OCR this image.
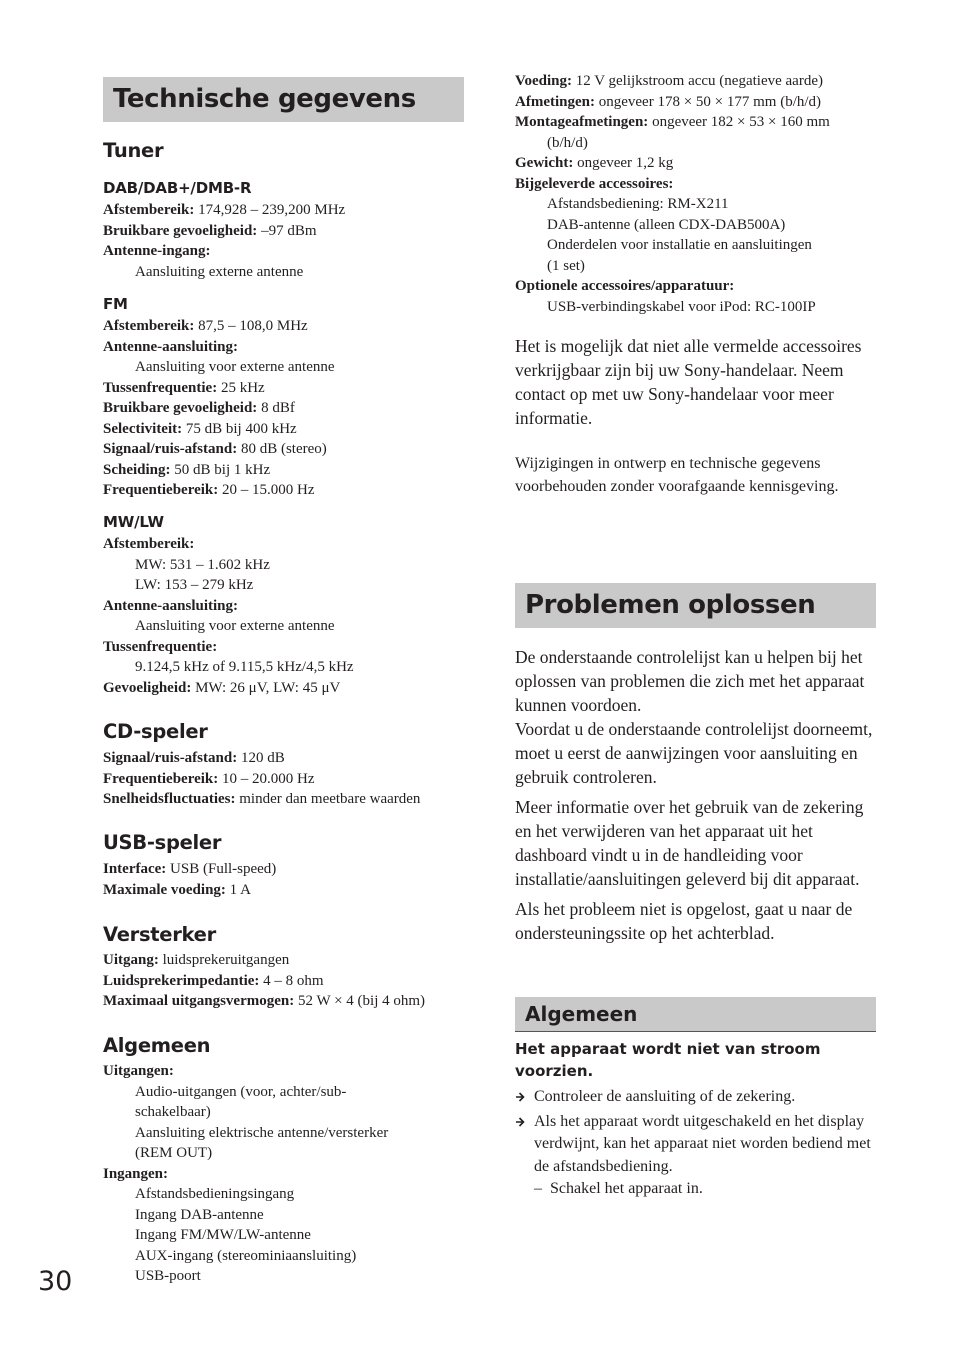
Technische gegevens
Tuner
DAB/DAB+/DMB-R
Afstembereik: 174,928 – 239,200 MHz
Bruikbare gevoeligheid: –97 dBm
Antenne-ingang:
Aansluiting externe antenne
FM
Afstembereik: 87,5 – 108,0 MHz
Antenne-aansluiting:
Aansluiting voor externe antenne
Tussenfrequentie: 25 kHz
Bruikbare gevoeligheid: 8 dBf
Selectiviteit: 75 dB bij 400 kHz
Signaal/ruis-afstand: 80 dB (stereo)
Scheiding: 50 dB bij 1 kHz
Frequentiebereik: 20 – 15.000 Hz
MW/LW
Afstembereik:
MW: 531 – 1.602 kHz
LW: 153 – 279 kHz
Antenne-aansluiting:
Aansluiting voor externe antenne
Tussenfrequentie:
9.124,5 kHz of 9.115,5 kHz/4,5 kHz
Gevoeligheid: MW: 26 μV, LW: 45 μV
CD-speler
Signaal/ruis-afstand: 120 dB
Frequentiebereik: 10 – 20.000 Hz
Snelheidsfluctuaties: minder dan meetbare waarden
USB-speler
Interface: USB (Full-speed)
Maximale voeding: 1 A
Versterker
Uitgang: luidsprekeruitgangen
Luidsprekerimpedantie: 4 – 8 ohm
Maximaal uitgangsvermogen: 52 W × 4 (bij 4 ohm)
Algemeen
Uitgangen:
Audio-uitgangen (voor, achter/sub-
schakelbaar)
Aansluiting elektrische antenne/versterker
(REM OUT)
Ingangen:
Afstandsbedieningsingang
Ingang DAB-antenne
Ingang FM/MW/LW-antenne
AUX-ingang (stereominiaansluiting)
USB-poort
30
Voeding: 12 V gelijkstroom accu (negatieve aarde)
Afmetingen: ongeveer 178 × 50 × 177 mm (b/h/d)
Montageafmetingen: ongeveer 182 × 53 × 160 mm
(b/h/d)
Gewicht: ongeveer 1,2 kg
Bijgeleverde accessoires:
Afstandsbediening: RM-X211
DAB-antenne (alleen CDX-DAB500A)
Onderdelen voor installatie en aansluitingen
(1 set)
Optionele accessoires/apparatuur:
USB-verbindingskabel voor iPod: RC-100IP

Het is mogelijk dat niet alle vermelde accessoires verkrijgbaar zijn bij uw Sony-handelaar. Neem contact op met uw Sony-handelaar voor meer informatie.

Wijzigingen in ontwerp en technische gegevens voorbehouden zonder voorafgaande kennisgeving.

Problemen oplossen

De onderstaande controlelijst kan u helpen bij het oplossen van problemen die zich met het apparaat kunnen voordoen.

Voordat u de onderstaande controlelijst doorneemt, moet u eerst de aanwijzingen voor aansluiting en gebruik controleren.

Meer informatie over het gebruik van de zekering en het verwijderen van het apparaat uit het dashboard vindt u in de handleiding voor installatie/aansluitingen geleverd bij dit apparaat.

Als het probleem niet is opgelost, gaat u naar de ondersteuningssite op het achterblad.

Algemeen
Het apparaat wordt niet van stroom voorzien.
Controleer de aansluiting of de zekering.
Als het apparaat wordt uitgeschakeld en het display verdwijnt, kan het apparaat niet worden bediend met de afstandsbediening.
– Schakel het apparaat in.
